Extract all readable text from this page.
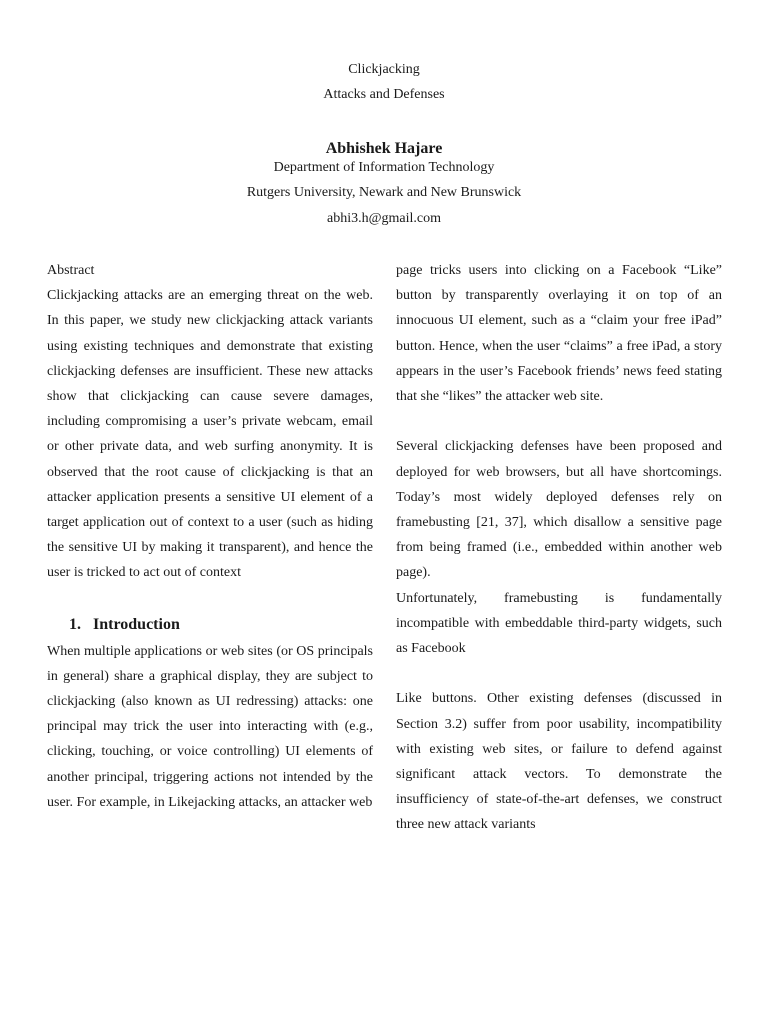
Clickjacking
Attacks and Defenses
Abhishek Hajare
Department of Information Technology
Rutgers University, Newark and New Brunswick
abhi3.h@gmail.com

Abstract

Clickjacking attacks are an emerging threat on the web. In this paper, we study new clickjacking attack variants using existing techniques and demonstrate that existing clickjacking defenses are insufficient. These new attacks show that clickjacking can cause severe damages, including compromising a user’s private webcam, email or other private data, and web surfing anonymity. It is observed that the root cause of clickjacking is that an attacker application presents a sensitive UI element of a target application out of context to a user (such as hiding the sensitive UI by making it transparent), and hence the user is tricked to act out of context

1. Introduction

When multiple applications or web sites (or OS principals in general) share a graphical display, they are subject to clickjacking (also known as UI redressing) attacks: one principal may trick the user into interacting with (e.g., clicking, touching, or voice controlling) UI elements of another principal, triggering actions not intended by the user. For example, in Likejacking attacks, an attacker web

page tricks users into clicking on a Facebook “Like” button by transparently overlaying it on top of an innocuous UI element, such as a “claim your free iPad” button. Hence, when the user “claims” a free iPad, a story appears in the user’s Facebook friends’ news feed stating that she “likes” the attacker web site.

Several clickjacking defenses have been proposed and deployed for web browsers, but all have shortcomings. Today’s most widely deployed defenses rely on framebusting [21, 37], which disallow a sensitive page from being framed (i.e., embedded within another web page).

Unfortunately, framebusting is fundamentally incompatible with embeddable third-party widgets, such as Facebook

Like buttons. Other existing defenses (discussed in Section 3.2) suffer from poor usability, incompatibility with existing web sites, or failure to defend against significant attack vectors. To demonstrate the insufficiency of state-of-the-art defenses, we construct three new attack variants
